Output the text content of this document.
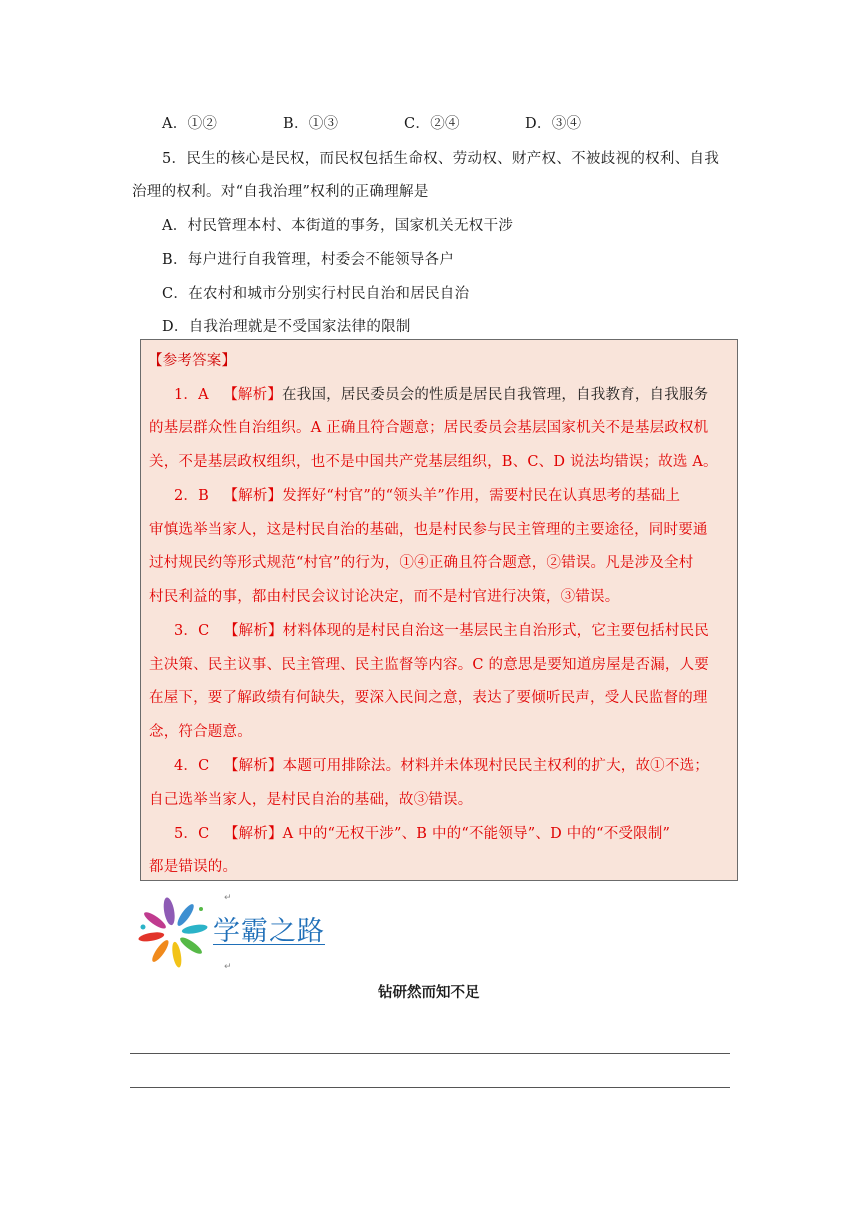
A．①②	B．①③	C．②④	D．③④
5．民生的核心是民权，而民权包括生命权、劳动权、财产权、不被歧视的权利、自我
治理的权利。对“自我治理”权利的正确理解是
A．村民管理本村、本街道的事务，国家机关无权干涉
B．每户进行自我管理，村委会不能领导各户
C．在农村和城市分别实行村民自治和居民自治
D．自我治理就是不受国家法律的限制
【参考答案】
1．A 【解析】在我国，居民委员会的性质是居民自我管理，自我教育，自我服务
的基层群众性自治组织。A 正确且符合题意；居民委员会基层国家机关不是基层政权机
关，不是基层政权组织，也不是中国共产党基层组织，B、C、D 说法均错误；故选 A。
2．B 【解析】发挥好“村官”的“领头羊”作用，需要村民在认真思考的基础上
审慎选举当家人，这是村民自治的基础，也是村民参与民主管理的主要途径，同时要通
过村规民约等形式规范“村官”的行为，①④正确且符合题意，②错误。凡是涉及全村
村民利益的事，都由村民会议讨论决定，而不是村官进行决策，③错误。
3．C 【解析】材料体现的是村民自治这一基层民主自治形式，它主要包括村民民
主决策、民主议事、民主管理、民主监督等内容。C 的意思是要知道房屋是否漏，人要
在屋下，要了解政绩有何缺失，要深入民间之意，表达了要倾听民声，受人民监督的理
念，符合题意。
4．C 【解析】本题可用排除法。材料并未体现村民民主权利的扩大，故①不选；
自己选举当家人，是村民自治的基础，故③错误。
5．C 【解析】A 中的“无权干涉”、B 中的“不能领导”、D 中的“不受限制”
都是错误的。
学霸之路
↵
↵
钻研然而知不足
